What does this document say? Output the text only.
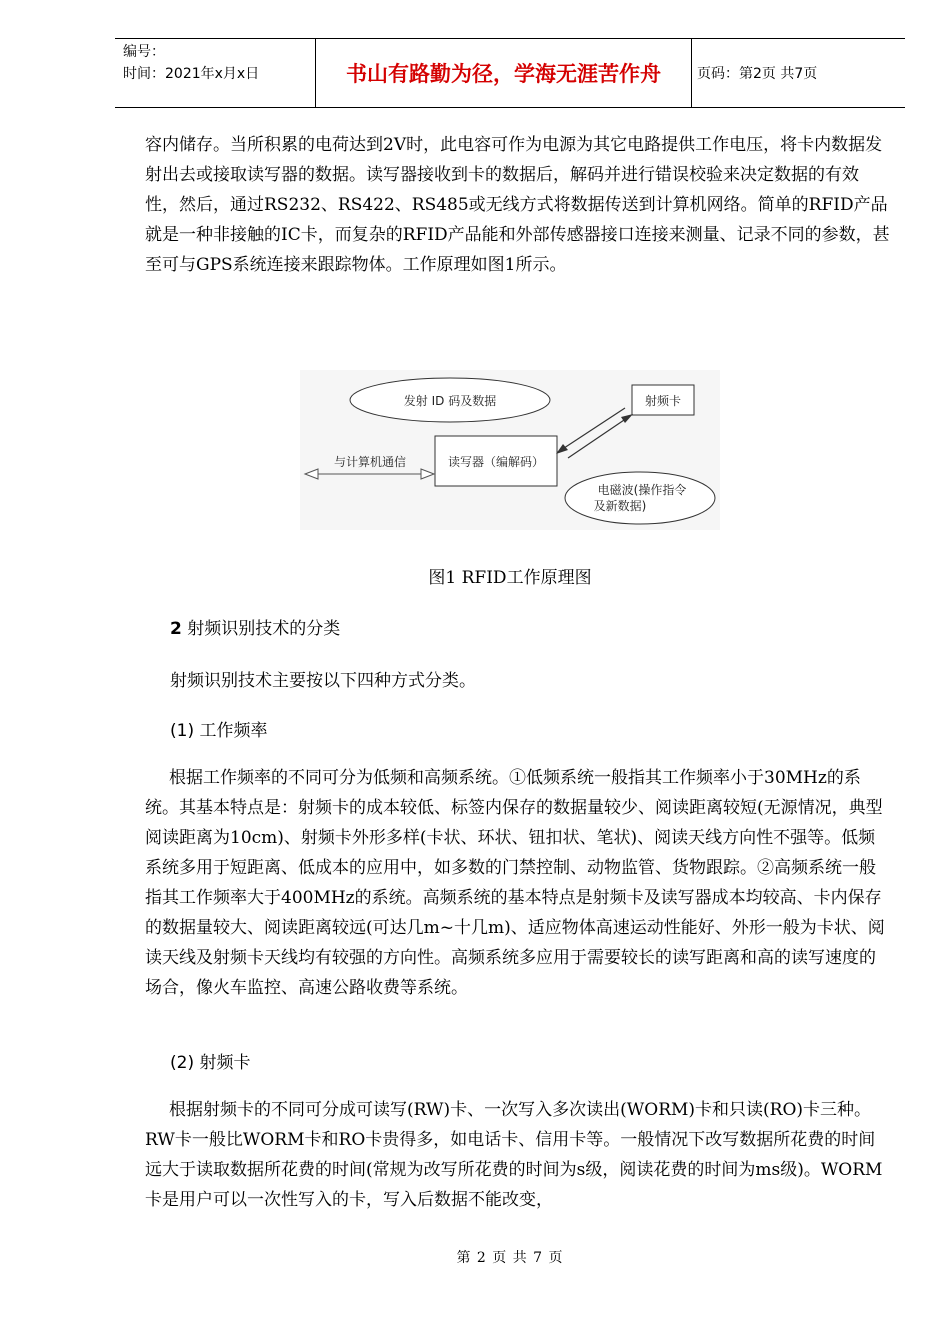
编号：
时间：2021年x月x日	书山有路勤为径，学海无涯苦作舟	页码：第2页 共7页

容内储存。当所积累的电荷达到2V时，此电容可作为电源为其它电路提供工作电压，将卡内数据发射出去或接取读写器的数据。读写器接收到卡的数据后，解码并进行错误校验来决定数据的有效性，然后，通过RS232、RS422、RS485或无线方式将数据传送到计算机网络。简单的RFID产品就是一种非接触的IC卡，而复杂的RFID产品能和外部传感器接口连接来测量、记录不同的参数，甚至可与GPS系统连接来跟踪物体。工作原理如图1所示。

发射 ID 码及数据	射频卡
读写器（编解码）
与计算机通信
电磁波(操作指令
及新数据)
图1 RFID工作原理图
2 射频识别技术的分类
射频识别技术主要按以下四种方式分类。
(1) 工作频率

根据工作频率的不同可分为低频和高频系统。①低频系统一般指其工作频率小于30MHz的系统。其基本特点是：射频卡的成本较低、标签内保存的数据量较少、阅读距离较短(无源情况，典型阅读距离为10cm)、射频卡外形多样(卡状、环状、钮扣状、笔状)、阅读天线方向性不强等。低频系统多用于短距离、低成本的应用中，如多数的门禁控制、动物监管、货物跟踪。②高频系统一般指其工作频率大于400MHz的系统。高频系统的基本特点是射频卡及读写器成本均较高、卡内保存的数据量较大、阅读距离较远(可达几m~十几m)、适应物体高速运动性能好、外形一般为卡状、阅读天线及射频卡天线均有较强的方向性。高频系统多应用于需要较长的读写距离和高的读写速度的场合，像火车监控、高速公路收费等系统。

(2) 射频卡

根据射频卡的不同可分成可读写(RW)卡、一次写入多次读出(WORM)卡和只读(RO)卡三种。RW卡一般比WORM卡和RO卡贵得多，如电话卡、信用卡等。一般情况下改写数据所花费的时间远大于读取数据所花费的时间(常规为改写所花费的时间为s级，阅读花费的时间为ms级)。WORM卡是用户可以一次性写入的卡，写入后数据不能改变，

第 2 页 共 7 页
